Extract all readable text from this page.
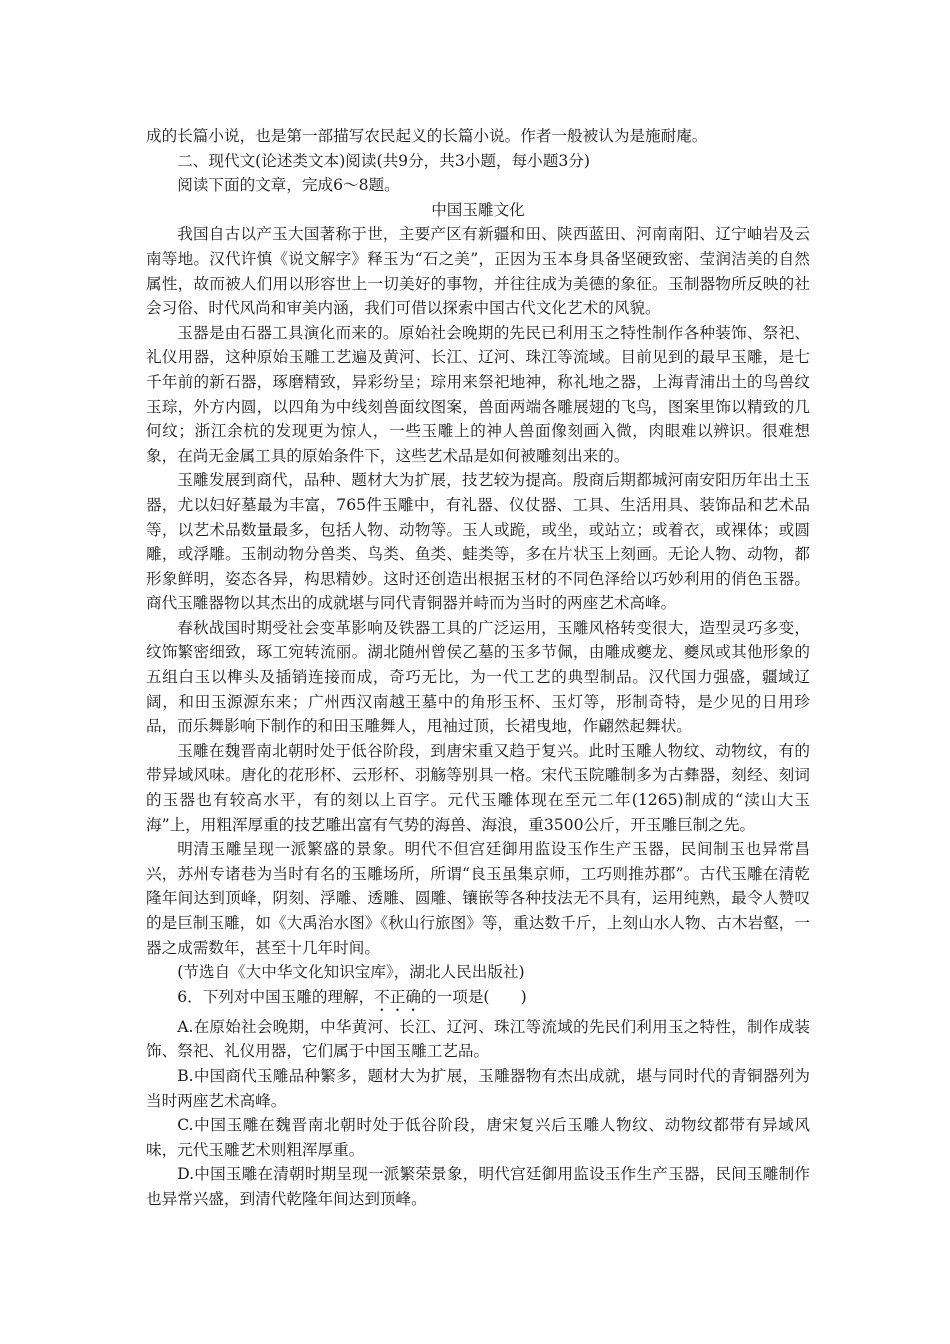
成的长篇小说，也是第一部描写农民起义的长篇小说。作者一般被认为是施耐庵。

二、现代文(论述类文本)阅读(共9分，共3小题，每小题3分)

阅读下面的文章，完成6～8题。

中国玉雕文化

我国自古以产玉大国著称于世，主要产区有新疆和田、陕西蓝田、河南南阳、辽宁岫岩及云南等地。汉代许慎《说文解字》释玉为“石之美”，正因为玉本身具备坚硬致密、莹润洁美的自然属性，故而被人们用以形容世上一切美好的事物，并往往成为美德的象征。玉制器物所反映的社会习俗、时代风尚和审美内涵，我们可借以探索中国古代文化艺术的风貌。

玉器是由石器工具演化而来的。原始社会晚期的先民已利用玉之特性制作各种装饰、祭祀、礼仪用器，这种原始玉雕工艺遍及黄河、长江、辽河、珠江等流域。目前见到的最早玉雕，是七千年前的新石器，琢磨精致，异彩纷呈；琮用来祭祀地神，称礼地之器，上海青浦出土的鸟兽纹玉琮，外方内圆，以四角为中线刻兽面纹图案，兽面两端各雕展翅的飞鸟，图案里饰以精致的几何纹；浙江余杭的发现更为惊人，一些玉雕上的神人兽面像刻画入微，肉眼难以辨识。很难想象，在尚无金属工具的原始条件下，这些艺术品是如何被雕刻出来的。

玉雕发展到商代，品种、题材大为扩展，技艺较为提高。殷商后期都城河南安阳历年出土玉器，尤以妇好墓最为丰富，765件玉雕中，有礼器、仪仗器、工具、生活用具、装饰品和艺术品等，以艺术品数量最多，包括人物、动物等。玉人或跪，或坐，或站立；或着衣，或裸体；或圆雕，或浮雕。玉制动物分兽类、鸟类、鱼类、蛙类等，多在片状玉上刻画。无论人物、动物，都形象鲜明，姿态各异，构思精妙。这时还创造出根据玉材的不同色泽给以巧妙利用的俏色玉器。商代玉雕器物以其杰出的成就堪与同代青铜器并峙而为当时的两座艺术高峰。

春秋战国时期受社会变革影响及铁器工具的广泛运用，玉雕风格转变很大，造型灵巧多变，纹饰繁密细致，琢工宛转流丽。湖北随州曾侯乙墓的玉多节佩，由雕成夔龙、夔凤或其他形象的五组白玉以榫头及插销连接而成，奇巧无比，为一代工艺的典型制品。汉代国力强盛，疆域辽阔，和田玉源源东来；广州西汉南越王墓中的角形玉杯、玉灯等，形制奇特，是少见的日用珍品，而乐舞影响下制作的和田玉雕舞人，甩袖过顶，长裙曳地，作翩然起舞状。

玉雕在魏晋南北朝时处于低谷阶段，到唐宋重又趋于复兴。此时玉雕人物纹、动物纹，有的带异域风味。唐化的花形杯、云形杯、羽觞等别具一格。宋代玉院雕制多为古彝器，刻经、刻词的玉器也有较高水平，有的刻以上百字。元代玉雕体现在至元二年(1265)制成的“渎山大玉海”上，用粗浑厚重的技艺雕出富有气势的海兽、海浪，重3500公斤，开玉雕巨制之先。

明清玉雕呈现一派繁盛的景象。明代不但宫廷御用监设玉作生产玉器，民间制玉也异常昌兴，苏州专诸巷为当时有名的玉雕场所，所谓“良玉虽集京师，工巧则推苏郡”。古代玉雕在清乾隆年间达到顶峰，阴刻、浮雕、透雕、圆雕、镶嵌等各种技法无不具有，运用纯熟，最令人赞叹的是巨制玉雕，如《大禹治水图》《秋山行旅图》等，重达数千斤，上刻山水人物、古木岩壑，一器之成需数年，甚至十几年时间。

(节选自《大中华文化知识宝库》，湖北人民出版社)

6．下列对中国玉雕的理解，不正确的一项是(　　)

A.在原始社会晚期，中华黄河、长江、辽河、珠江等流域的先民们利用玉之特性，制作成装饰、祭祀、礼仪用器，它们属于中国玉雕工艺品。

B.中国商代玉雕品种繁多，题材大为扩展，玉雕器物有杰出成就，堪与同时代的青铜器列为当时两座艺术高峰。

C.中国玉雕在魏晋南北朝时处于低谷阶段，唐宋复兴后玉雕人物纹、动物纹都带有异域风味，元代玉雕艺术则粗浑厚重。

D.中国玉雕在清朝时期呈现一派繁荣景象，明代宫廷御用监设玉作生产玉器，民间玉雕制作也异常兴盛，到清代乾隆年间达到顶峰。
